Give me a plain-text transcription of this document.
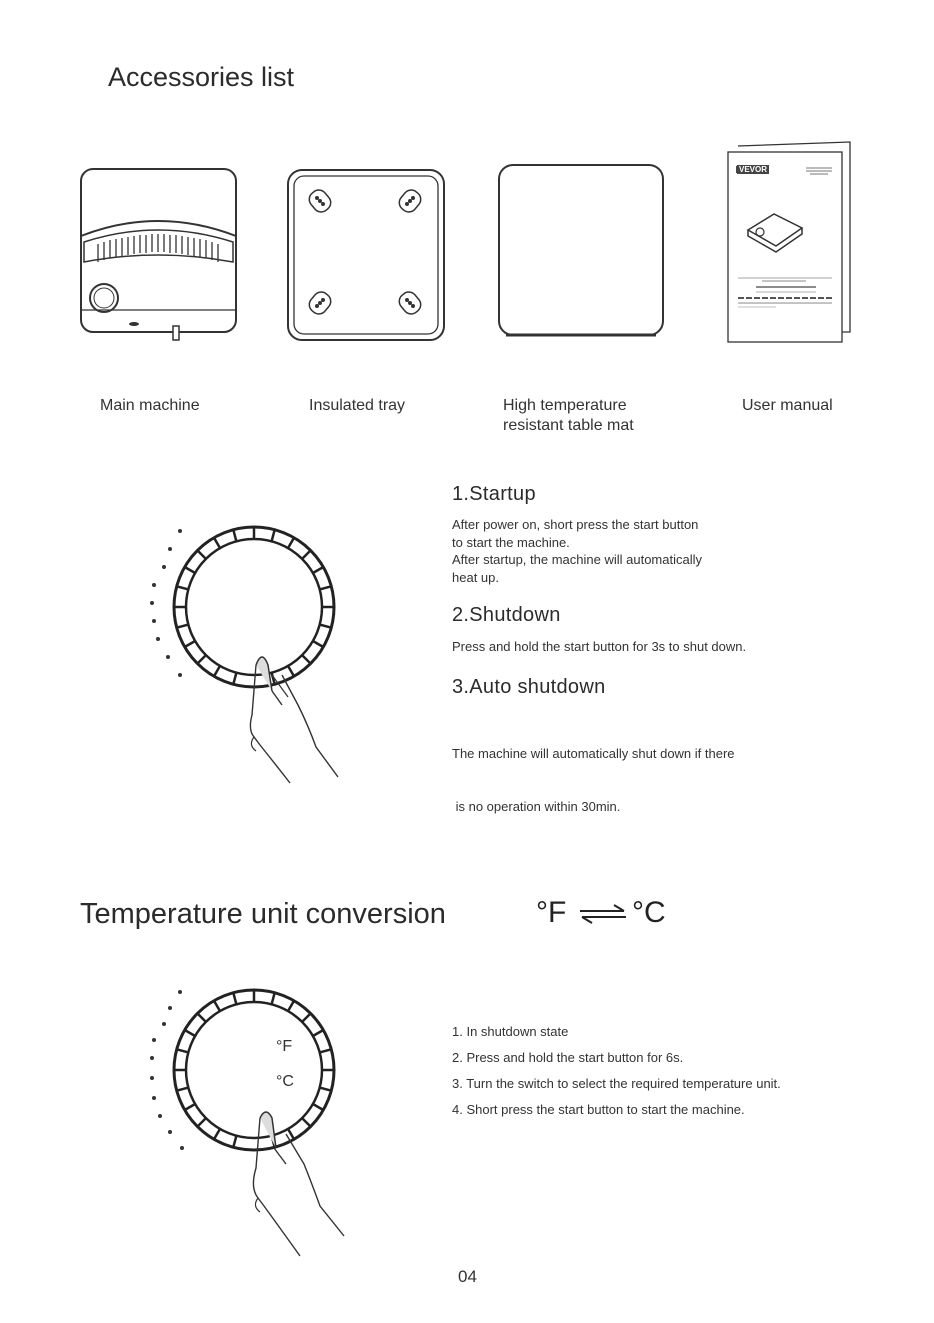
Accessories list
VEVOR
Main machine	Insulated tray	High temperature
resistant table mat
User manual
1.Startup
After power on, short press the start button
to start the machine.
After startup, the machine will automatically
heat up.
2.Shutdown
Press and hold the start button for 3s to shut down.
3.Auto shutdown

The machine will automatically shut down if there

is no operation within 30min.

Temperature unit conversion	°F °C
°F
°C
1. In shutdown state
2. Press and hold the start button for 6s.
3. Turn the switch to select the required temperature unit.
4. Short press the start button to start the machine.
04
